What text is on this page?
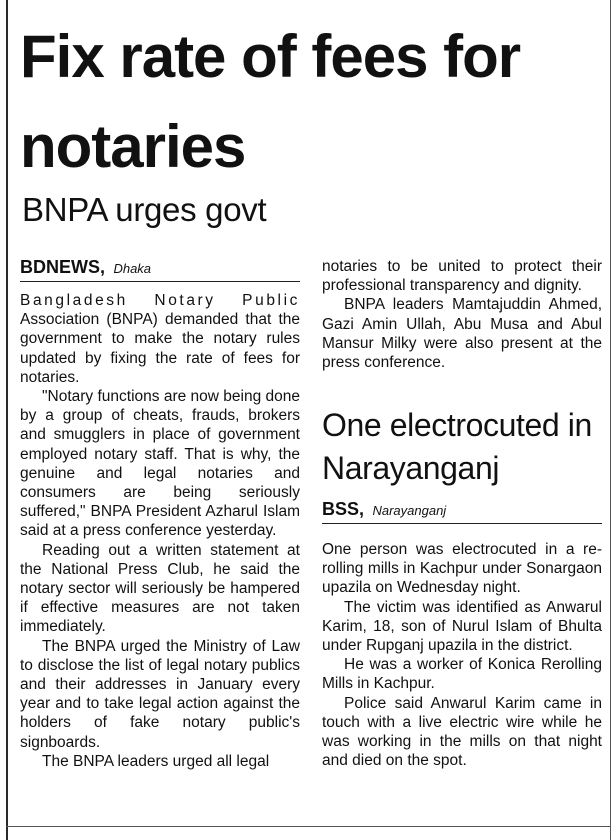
Fix rate of fees for notaries
BNPA urges govt
BDNEWS, Dhaka

Bangladesh Notary Public Association (BNPA) demanded that the government to make the notary rules updated by fixing the rate of fees for notaries.

"Notary functions are now being done by a group of cheats, frauds, brokers and smugglers in place of government employed notary staff. That is why, the genuine and legal notaries and consumers are being seriously suffered," BNPA President Azharul Islam said at a press conference yesterday.

Reading out a written statement at the National Press Club, he said the notary sector will seriously be hampered if effective measures are not taken immediately.

The BNPA urged the Ministry of Law to disclose the list of legal notary publics and their addresses in January every year and to take legal action against the holders of fake notary public's signboards.

The BNPA leaders urged all legal

notaries to be united to protect their professional transparency and dignity.

BNPA leaders Mamtajuddin Ahmed, Gazi Amin Ullah, Abu Musa and Abul Mansur Milky were also present at the press conference.

One electrocuted in Narayanganj
BSS, Narayanganj

One person was electrocuted in a re-rolling mills in Kachpur under Sonargaon upazila on Wednesday night.

The victim was identified as Anwarul Karim, 18, son of Nurul Islam of Bhulta under Rupganj upazila in the district.

He was a worker of Konica Rerolling Mills in Kachpur.

Police said Anwarul Karim came in touch with a live electric wire while he was working in the mills on that night and died on the spot.
